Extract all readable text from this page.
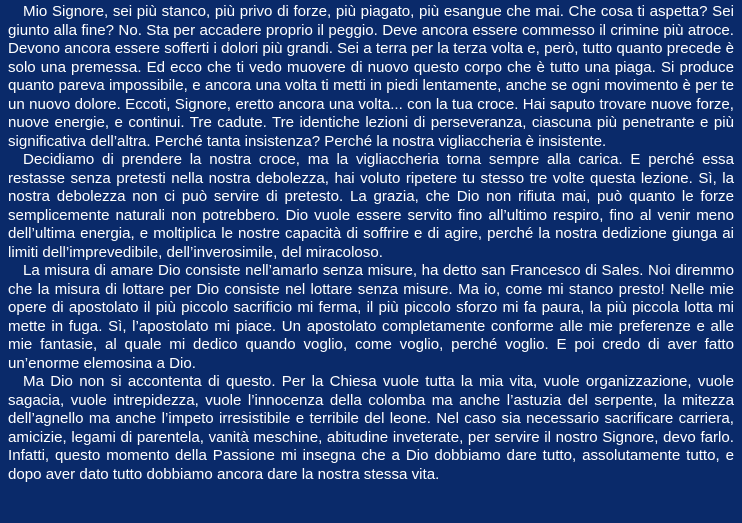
Mio Signore, sei più stanco, più privo di forze, più piagato, più esangue che mai. Che cosa ti aspetta? Sei giunto alla fine? No. Sta per accadere proprio il peggio. Deve ancora essere commesso il crimine più atroce. Devono ancora essere sofferti i dolori più grandi. Sei a terra per la terza volta e, però, tutto quanto precede è solo una premessa. Ed ecco che ti vedo muovere di nuovo questo corpo che è tutto una piaga. Si produce quanto pareva impossibile, e ancora una volta ti metti in piedi lentamente, anche se ogni movimento è per te un nuovo dolore. Eccoti, Signore, eretto ancora una volta... con la tua croce. Hai saputo trovare nuove forze, nuove energie, e continui. Tre cadute. Tre identiche lezioni di perseveranza, ciascuna più penetrante e più significativa dell’altra. Perché tanta insistenza? Perché la nostra vigliaccheria è insistente.

Decidiamo di prendere la nostra croce, ma la vigliaccheria torna sempre alla carica. E perché essa restasse senza pretesti nella nostra debolezza, hai voluto ripetere tu stesso tre volte questa lezione. Sì, la nostra debolezza non ci può servire di pretesto. La grazia, che Dio non rifiuta mai, può quanto le forze semplicemente naturali non potrebbero. Dio vuole essere servito fino all’ultimo respiro, fino al venir meno dell’ultima energia, e moltiplica le nostre capacità di soffrire e di agire, perché la nostra dedizione giunga ai limiti dell’imprevedibile, dell’inverosimile, del miracoloso.

La misura di amare Dio consiste nell’amarlo senza misure, ha detto san Francesco di Sales. Noi diremmo che la misura di lottare per Dio consiste nel lottare senza misure. Ma io, come mi stanco presto! Nelle mie opere di apostolato il più piccolo sacrificio mi ferma, il più piccolo sforzo mi fa paura, la più piccola lotta mi mette in fuga. Sì, l’apostolato mi piace. Un apostolato completamente conforme alle mie preferenze e alle mie fantasie, al quale mi dedico quando voglio, come voglio, perché voglio. E poi credo di aver fatto un’enorme elemosina a Dio.

Ma Dio non si accontenta di questo. Per la Chiesa vuole tutta la mia vita, vuole organizzazione, vuole sagacia, vuole intrepidezza, vuole l’innocenza della colomba ma anche l’astuzia del serpente, la mitezza dell’agnello ma anche l’impeto irresistibile e terribile del leone. Nel caso sia necessario sacrificare carriera, amicizie, legami di parentela, vanità meschine, abitudine inveterate, per servire il nostro Signore, devo farlo. Infatti, questo momento della Passione mi insegna che a Dio dobbiamo dare tutto, assolutamente tutto, e dopo aver dato tutto dobbiamo ancora dare la nostra stessa vita.
